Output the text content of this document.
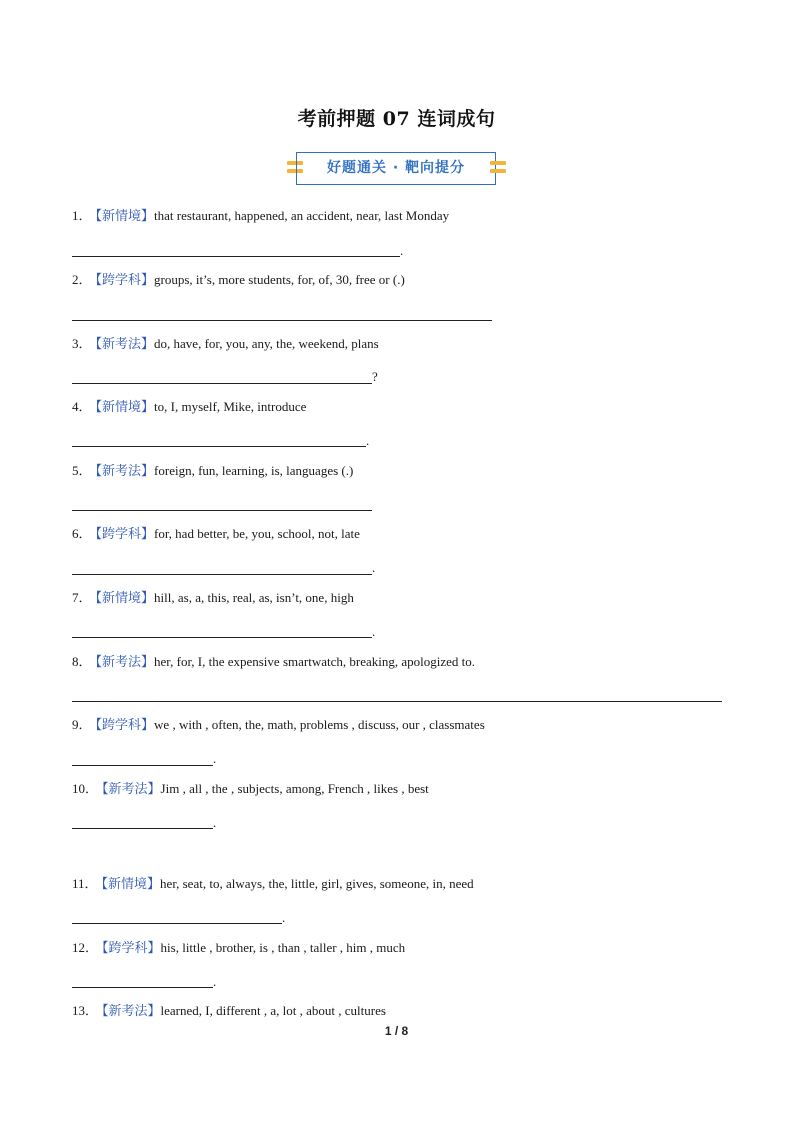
考前押题 07 连词成句
好题通关 · 靶向提分
1． 【新情境】that restaurant, happened, an accident, near, last Monday
.
2． 【跨学科】groups, it’s, more students, for, of, 30, free or (.)
3． 【新考法】do, have, for, you, any, the, weekend, plans
?
4． 【新情境】to, I, myself, Mike, introduce
.
5． 【新考法】foreign, fun, learning, is, languages (.)
6． 【跨学科】for, had better, be, you, school, not, late
.
7． 【新情境】hill, as, a, this, real, as, isn’t, one, high
.
8． 【新考法】her, for, I, the expensive smartwatch, breaking, apologized to.
9． 【跨学科】we , with , often, the, math, problems , discuss, our , classmates
.
10． 【新考法】Jim , all , the , subjects, among, French , likes , best
.
11． 【新情境】her, seat, to, always, the, little, girl, gives, someone, in, need
.
12． 【跨学科】his, little , brother, is , than , taller , him , much
.
13． 【新考法】learned, I, different , a, lot , about , cultures
1 / 8
